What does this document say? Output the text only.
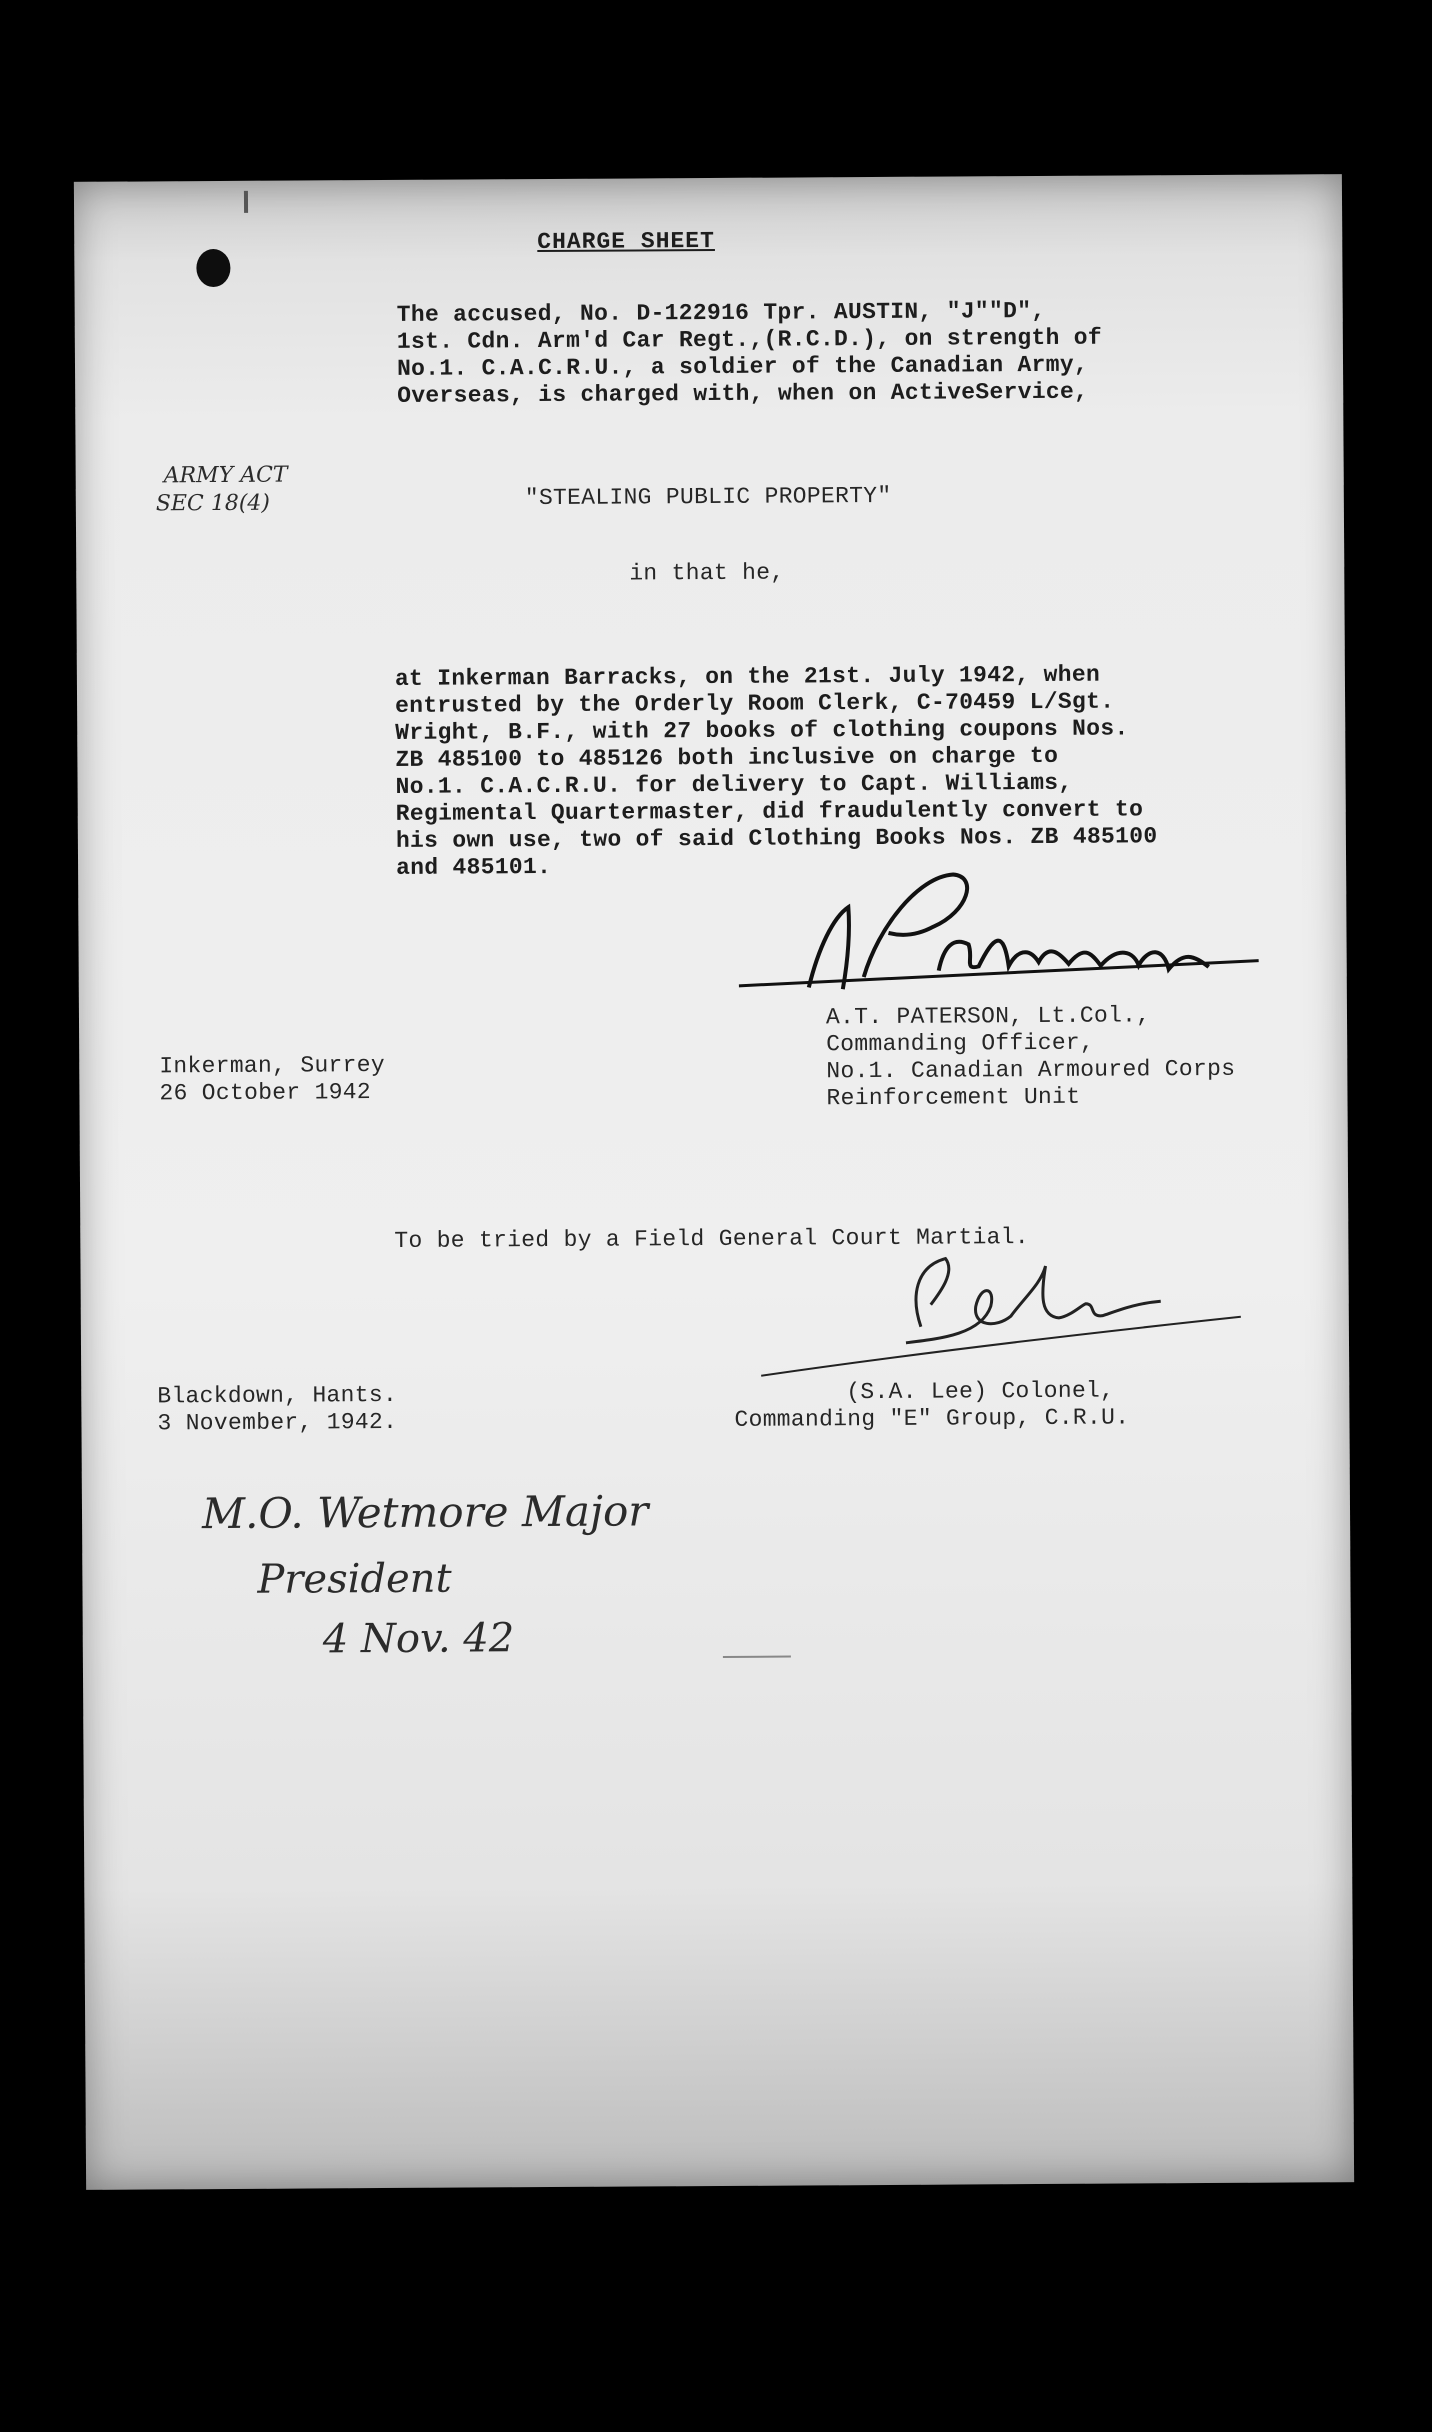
CHARGE SHEET
The accused, No. D-122916 Tpr. AUSTIN, "J""D",
1st. Cdn. Arm'd Car Regt.,(R.C.D.), on strength of
No.1. C.A.C.R.U., a soldier of the Canadian Army,
Overseas, is charged with, when on ActiveService,
ARMY ACT
SEC 18(4)	"STEALING PUBLIC PROPERTY"
in that he,
at Inkerman Barracks, on the 21st. July 1942, when
entrusted by the Orderly Room Clerk, C-70459 L/Sgt.
Wright, B.F., with 27 books of clothing coupons Nos.
ZB 485100 to 485126 both inclusive on charge to
No.1. C.A.C.R.U. for delivery to Capt. Williams,
Regimental Quartermaster, did fraudulently convert to
his own use, two of said Clothing Books Nos. ZB 485100
and 485101.
A.T. PATERSON, Lt.Col.,
Commanding Officer,
No.1. Canadian Armoured Corps
Reinforcement Unit
Inkerman, Surrey
26 October 1942
To be tried by a Field General Court Martial.
Blackdown, Hants.
3 November, 1942.
(S.A. Lee) Colonel,
Commanding "E" Group, C.R.U.
M.O. Wetmore Major
President
4 Nov. 42
